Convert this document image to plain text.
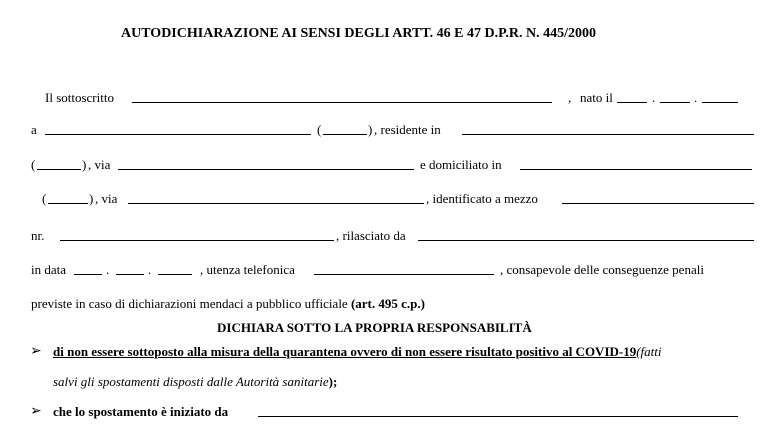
AUTODICHIARAZIONE AI SENSI DEGLI ARTT. 46 E 47 D.P.R. N. 445/2000
Il sottoscritto	, nato il	.	.
a	(	) , residente in
(	) , via	e domiciliato in
(	) , via	, identificato a mezzo
nr.	, rilasciato da
in data	.	.	, utenza telefonica	, consapevole delle conseguenze penali
previste in caso di dichiarazioni mendaci a pubblico ufficiale (art. 495 c.p.)
DICHIARA SOTTO LA PROPRIA RESPONSABILITÀ
➢ di non essere sottoposto alla misura della quarantena ovvero di non essere risultato positivo al COVID-19(fatti
salvi gli spostamenti disposti dalle Autorità sanitarie);
➢ che lo spostamento è iniziato da
